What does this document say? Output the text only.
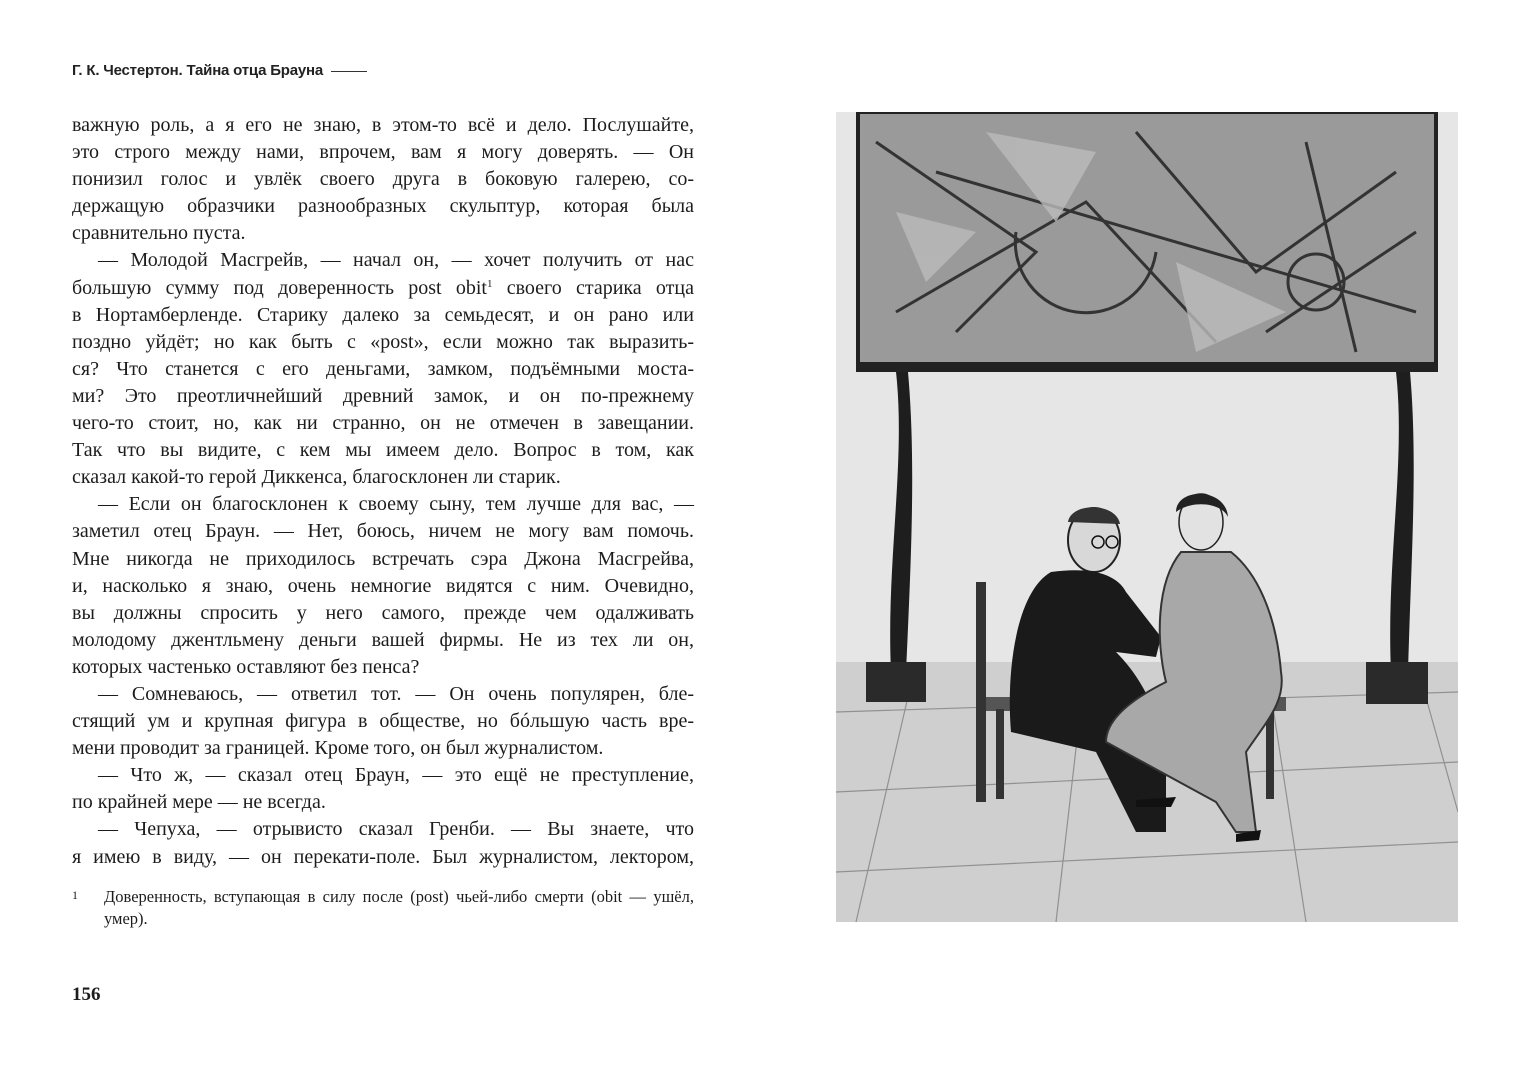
Г. К. Честертон. Тайна отца Брауна
важную роль, а я его не знаю, в этом-то всё и дело. Послушайте,
это строго между нами, впрочем, вам я могу доверять. — Он
понизил голос и увлёк своего друга в боковую галерею, со-
держащую образчики разнообразных скульптур, которая была
сравнительно пуста.
— Молодой Масгрейв, — начал он, — хочет получить от нас
большую сумму под доверенность post obit$^1$ своего старика отца
в Нортамберленде. Старику далеко за семьдесят, и он рано или
поздно уйдёт; но как быть с «post», если можно так выразить-
ся? Что станется с его деньгами, замком, подъёмными моста-
ми? Это преотличнейший древний замок, и он по-прежнему
чего-то стоит, но, как ни странно, он не отмечен в завещании.
Так что вы видите, с кем мы имеем дело. Вопрос в том, как
сказал какой-то герой Диккенса, благосклонен ли старик.
— Если он благосклонен к своему сыну, тем лучше для вас, —
заметил отец Браун. — Нет, боюсь, ничем не могу вам помочь.
Мне никогда не приходилось встречать сэра Джона Масгрейва,
и, насколько я знаю, очень немногие видятся с ним. Очевидно,
вы должны спросить у него самого, прежде чем одалживать
молодому джентльмену деньги вашей фирмы. Не из тех ли он,
которых частенько оставляют без пенса?
— Сомневаюсь, — ответил тот. — Он очень популярен, бле-
стящий ум и крупная фигура в обществе, но бóльшую часть вре-
мени проводит за границей. Кроме того, он был журналистом.
— Что ж, — сказал отец Браун, — это ещё не преступление,
по крайней мере — не всегда.
— Чепуха, — отрывисто сказал Гренби. — Вы знаете, что
я имею в виду, — он перекати-поле. Был журналистом, лектором,
1 Доверенность, вступающая в силу после (post) чьей-либо смерти (obit — ушёл, умер).
156
